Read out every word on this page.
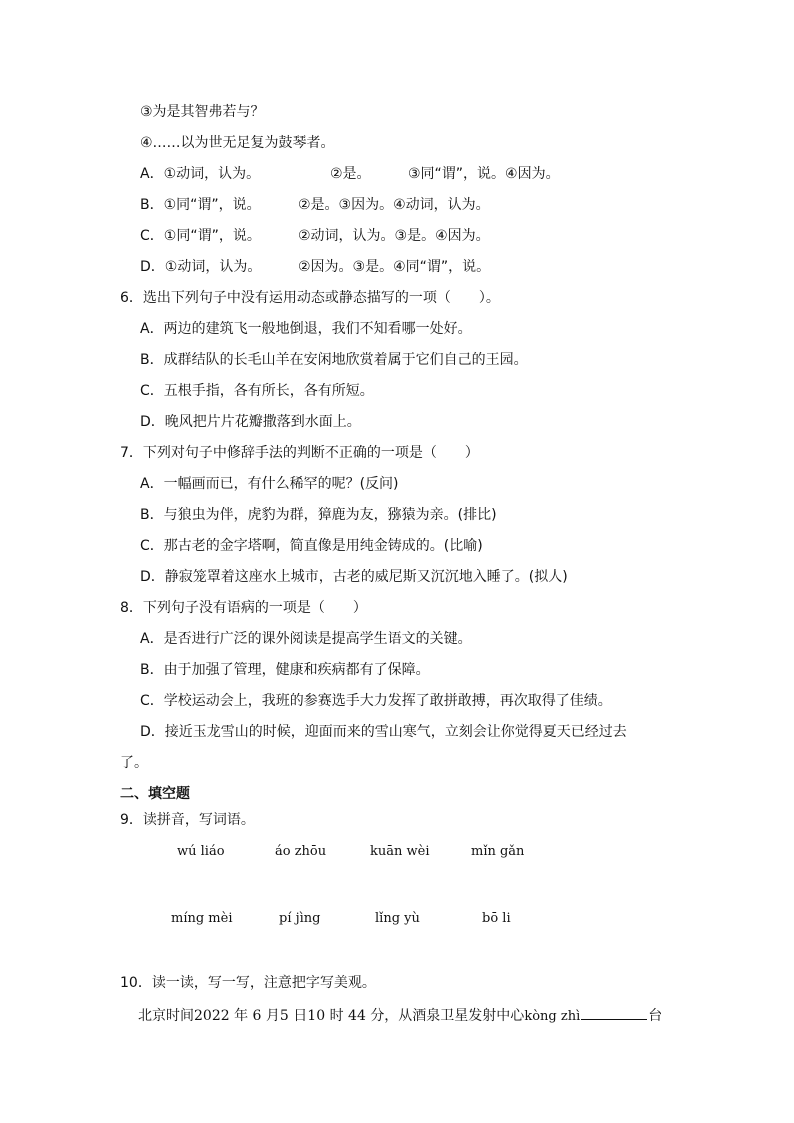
③为是其智弗若与？
④……以为世无足复为鼓琴者。
A．①动词，认为。	②是。	③同“谓”，说。④因为。
B．①同“谓”，说。	②是。③因为。④动词，认为。
C．①同“谓”，说。	②动词，认为。③是。④因为。
D．①动词，认为。	②因为。③是。④同“谓”，说。
6．选出下列句子中没有运用动态或静态描写的一项（　　）。
A．两边的建筑飞一般地倒退，我们不知看哪一处好。
B．成群结队的长毛山羊在安闲地欣赏着属于它们自己的王园。
C．五根手指，各有所长，各有所短。
D．晚风把片片花瓣撒落到水面上。
7．下列对句子中修辞手法的判断不正确的一项是（　　）
A．一幅画而已，有什么稀罕的呢？(反问)
B．与狼虫为伴，虎豹为群，獐鹿为友，猕猿为亲。(排比)
C．那古老的金字塔啊，简直像是用纯金铸成的。(比喻)
D．静寂笼罩着这座水上城市，古老的威尼斯又沉沉地入睡了。(拟人)
8．下列句子没有语病的一项是（　　）
A．是否进行广泛的课外阅读是提高学生语文的关键。
B．由于加强了管理，健康和疾病都有了保障。
C．学校运动会上，我班的参赛选手大力发挥了敢拼敢搏，再次取得了佳绩。
D．接近玉龙雪山的时候，迎面而来的雪山寒气，立刻会让你觉得夏天已经过去
了。
二、填空题
9．读拼音，写词语。
wú liáo	áo zhōu	kuān wèi	mǐn gǎn
míng mèi	pí jìng	lǐng yù	bō li
10．读一读，写一写，注意把字写美观。
北京时间2022 年 6 月5 日10 时 44 分，从酒泉卫星发射中心kòng zhì	台
